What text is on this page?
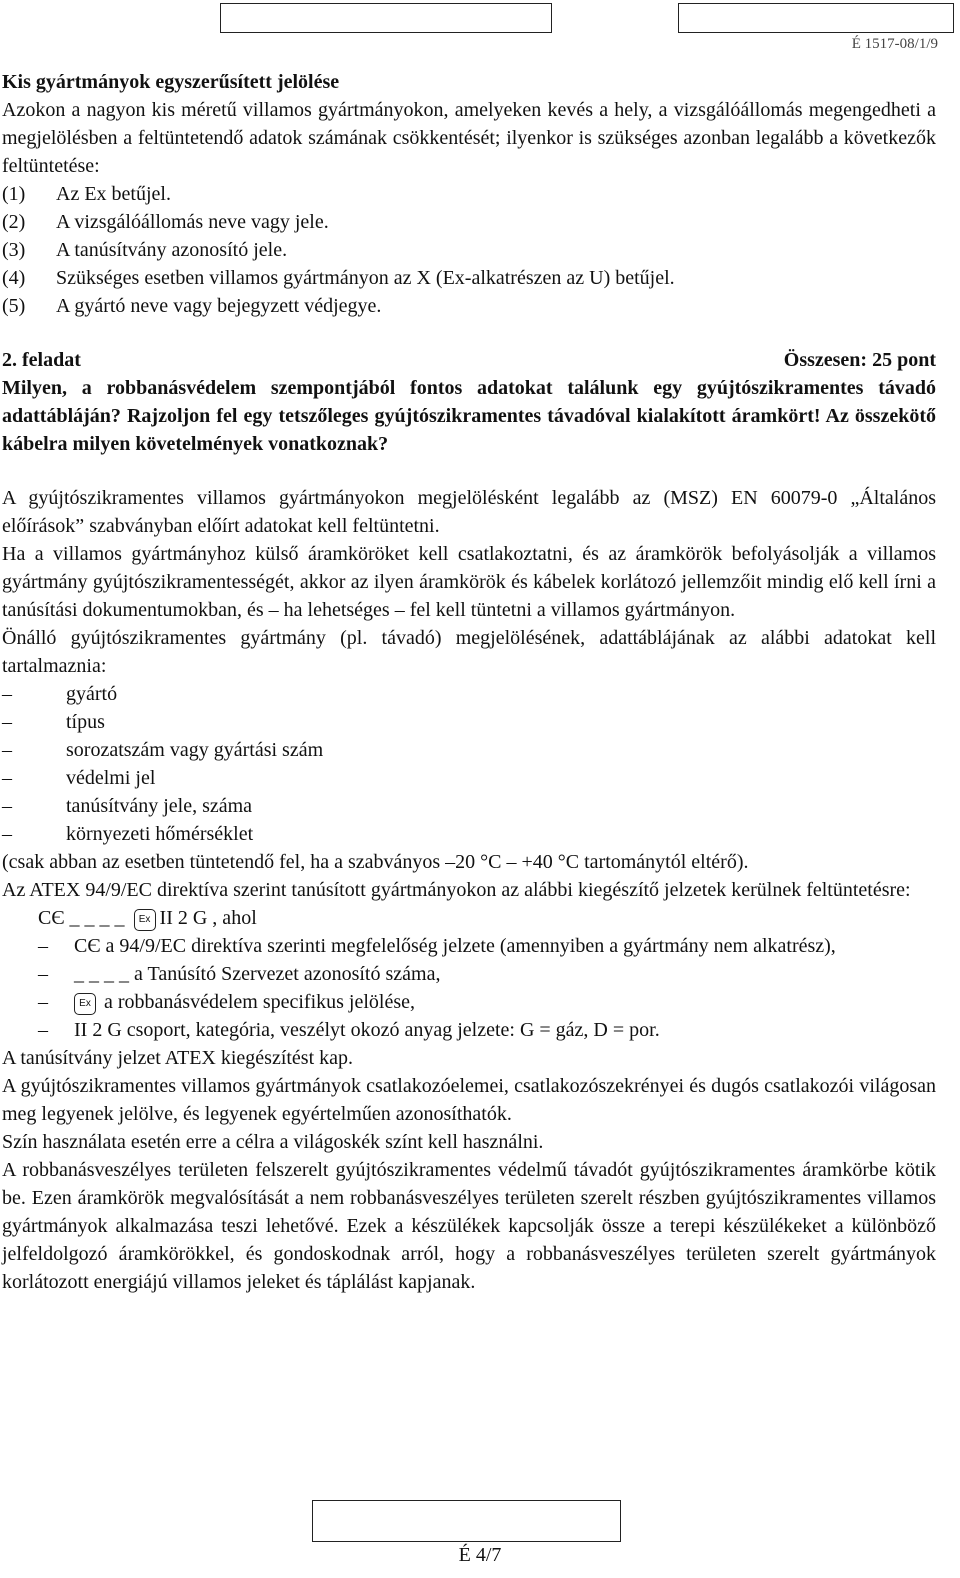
É 1517-08/1/9

Kis gyártmányok egyszerűsített jelölése

Azokon a nagyon kis méretű villamos gyártmányokon, amelyeken kevés a hely, a vizsgálóállomás megengedheti a megjelölésben a feltüntetendő adatok számának csökkentését; ilyenkor is szükséges azonban legalább a következők feltüntetése:

(1)	Az Ex betűjel.
(2)	A vizsgálóállomás neve vagy jele.
(3)	A tanúsítvány azonosító jele.
(4)	Szükséges esetben villamos gyártmányon az X (Ex-alkatrészen az U) betűjel.
(5)	A gyártó neve vagy bejegyzett védjegye.
2. feladat	Összesen: 25 pont

Milyen, a robbanásvédelem szempontjából fontos adatokat találunk egy gyújtószikramentes távadó adattábláján? Rajzoljon fel egy tetszőleges gyújtószikramentes távadóval kialakított áramkört! Az összekötő kábelra milyen követelmények vonatkoznak?

A gyújtószikramentes villamos gyártmányokon megjelölésként legalább az (MSZ) EN 60079-0 „Általános előírások” szabványban előírt adatokat kell feltüntetni.

Ha a villamos gyártmányhoz külső áramköröket kell csatlakoztatni, és az áramkörök befolyásolják a villamos gyártmány gyújtószikramentességét, akkor az ilyen áramkörök és kábelek korlátozó jellemzőit mindig elő kell írni a tanúsítási dokumentumokban, és – ha lehetséges – fel kell tüntetni a villamos gyártmányon.

Önálló gyújtószikramentes gyártmány (pl. távadó) megjelölésének, adattáblájának az alábbi adatokat kell tartalmaznia:

–	gyártó
–	típus
–	sorozatszám vagy gyártási szám
–	védelmi jel
–	tanúsítvány jele, száma
–	környezeti hőmérséklet

(csak abban az esetben tüntetendő fel, ha a szabványos –20 °C – +40 °C tartománytól eltérő).

Az ATEX 94/9/EC direktíva szerint tanúsított gyártmányokon az alábbi kiegészítő jelzetek kerülnek feltüntetésre:

CЄ _ _ _ _ Ex II 2 G , ahol
–	CЄ a 94/9/EC direktíva szerinti megfelelőség jelzete (amennyiben a gyártmány nem alkatrész),
–	_ _ _ _ a Tanúsító Szervezet azonosító száma,
–	Ex a robbanásvédelem specifikus jelölése,
–	II 2 G csoport, kategória, veszélyt okozó anyag jelzete: G = gáz, D = por.

A tanúsítvány jelzet ATEX kiegészítést kap.

A gyújtószikramentes villamos gyártmányok csatlakozóelemei, csatlakozószekrényei és dugós csatlakozói világosan meg legyenek jelölve, és legyenek egyértelműen azonosíthatók.

Szín használata esetén erre a célra a világoskék színt kell használni.

A robbanásveszélyes területen felszerelt gyújtószikramentes védelmű távadót gyújtószikramentes áramkörbe kötik be. Ezen áramkörök megvalósítását a nem robbanásveszélyes területen szerelt részben gyújtószikramentes villamos gyártmányok alkalmazása teszi lehetővé. Ezek a készülékek kapcsolják össze a terepi készülékeket a különböző jelfeldolgozó áramkörökkel, és gondoskodnak arról, hogy a robbanásveszélyes területen szerelt gyártmányok korlátozott energiájú villamos jeleket és táplálást kapjanak.

É 4/7
